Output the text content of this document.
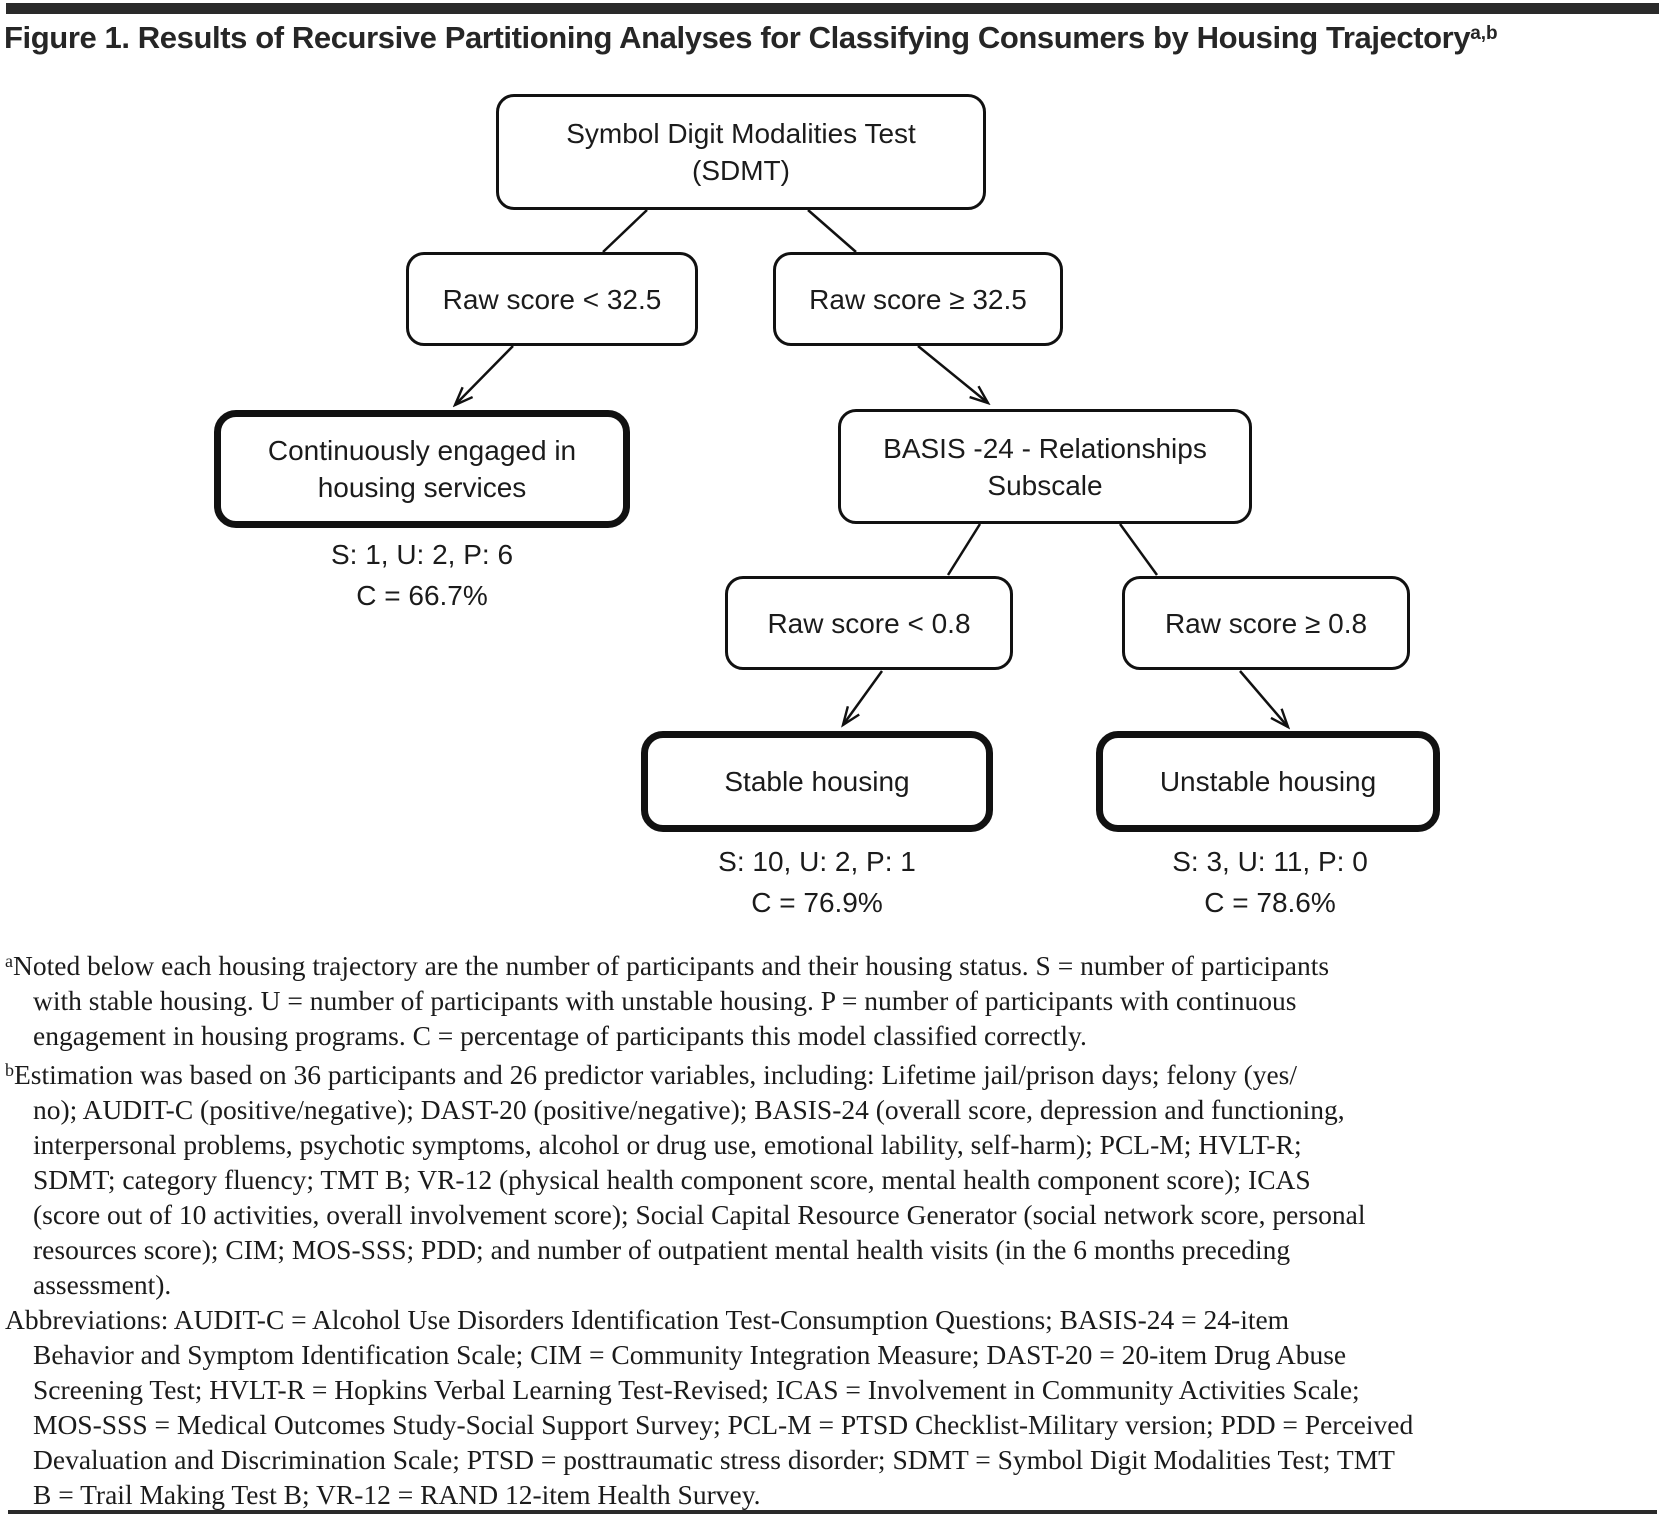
Figure 1. Results of Recursive Partitioning Analyses for Classifying Consumers by Housing Trajectory$^{a,b}$
Symbol Digit Modalities Test
(SDMT)
Raw score < 32.5	Raw score ≥ 32.5
Continuously engaged in
housing services
S: 1, U: 2, P: 6
C = 66.7%
BASIS -24 - Relationships
Subscale
Raw score < 0.8	Raw score ≥ 0.8
Stable housing
S: 10, U: 2, P: 1
C = 76.9%
Unstable housing
S: 3, U: 11, P: 0
C = 78.6%
$^a$Noted below each housing trajectory are the number of participants and their housing status. S = number of participants
with stable housing. U = number of participants with unstable housing. P = number of participants with continuous
engagement in housing programs. C = percentage of participants this model classified correctly.
$^b$Estimation was based on 36 participants and 26 predictor variables, including: Lifetime jail/prison days; felony (yes/
no); AUDIT-C (positive/negative); DAST-20 (positive/negative); BASIS-24 (overall score, depression and functioning,
interpersonal problems, psychotic symptoms, alcohol or drug use, emotional lability, self-harm); PCL-M; HVLT-R;
SDMT; category fluency; TMT B; VR-12 (physical health component score, mental health component score); ICAS
(score out of 10 activities, overall involvement score); Social Capital Resource Generator (social network score, personal
resources score); CIM; MOS-SSS; PDD; and number of outpatient mental health visits (in the 6 months preceding
assessment).
Abbreviations: AUDIT-C = Alcohol Use Disorders Identification Test-Consumption Questions; BASIS-24 = 24-item
Behavior and Symptom Identification Scale; CIM = Community Integration Measure; DAST-20 = 20-item Drug Abuse
Screening Test; HVLT-R = Hopkins Verbal Learning Test-Revised; ICAS = Involvement in Community Activities Scale;
MOS-SSS = Medical Outcomes Study-Social Support Survey; PCL-M = PTSD Checklist-Military version; PDD = Perceived
Devaluation and Discrimination Scale; PTSD = posttraumatic stress disorder; SDMT = Symbol Digit Modalities Test; TMT
B = Trail Making Test B; VR-12 = RAND 12-item Health Survey.
